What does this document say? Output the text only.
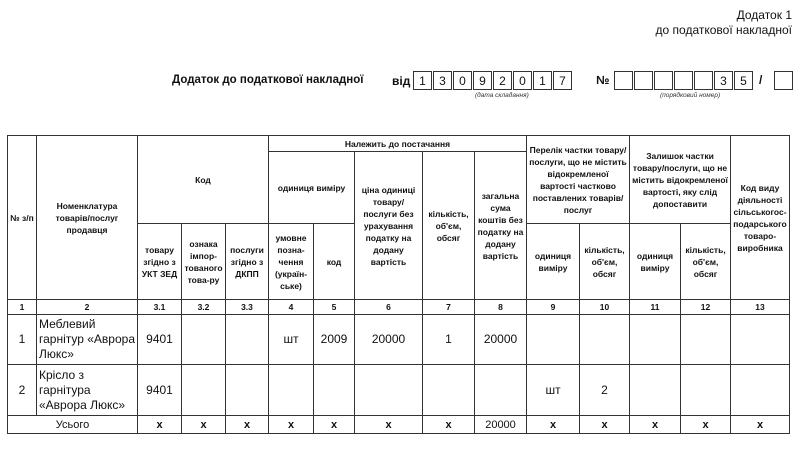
Додаток 1
до податкової накладної
Додаток до податкової накладної від 1	3	0	9	2	0	1	7
(дата складання)
№	3	5	/
(порядковий номер)
№ з/п	Номенклатура товарів/послуг продавця	Код			Належить до постачання					Перелік частки товару/послуги, що не містить відокремленої вартості частково поставлених товарів/послуг		Залишок частки товару/послуги, що не містить відокремленої вартості, яку слід допоставити		Код виду діяльності сільськогос-подарського товаро-виробника
					одиниця виміру		ціна одиниці товару/ послуги без урахування податку на додану вартість	кількість, об'єм, обсяг	загальна сума коштів без податку на додану вартість					
		товару згідно з УКТ ЗЕД	ознака імпор-тованого това-ру	послуги згідно з ДКПП	умовне позна-чення (україн-ське)	код				одиниця виміру	кількість, об'єм, обсяг	одиниця виміру	кількість, об'єм, обсяг	
1	2	3.1	3.2	3.3	4	5	6	7	8	9	10	11	12	13
1	Меблевий гарнітур «Аврора Люкс»	9401			шт	2009	20000	1	20000					
2	Крісло з гарнітура «Аврора Люкс»	9401								шт	2			
Усього		x	x	x	x	x	x	x	20000	x	x	x	x	x
